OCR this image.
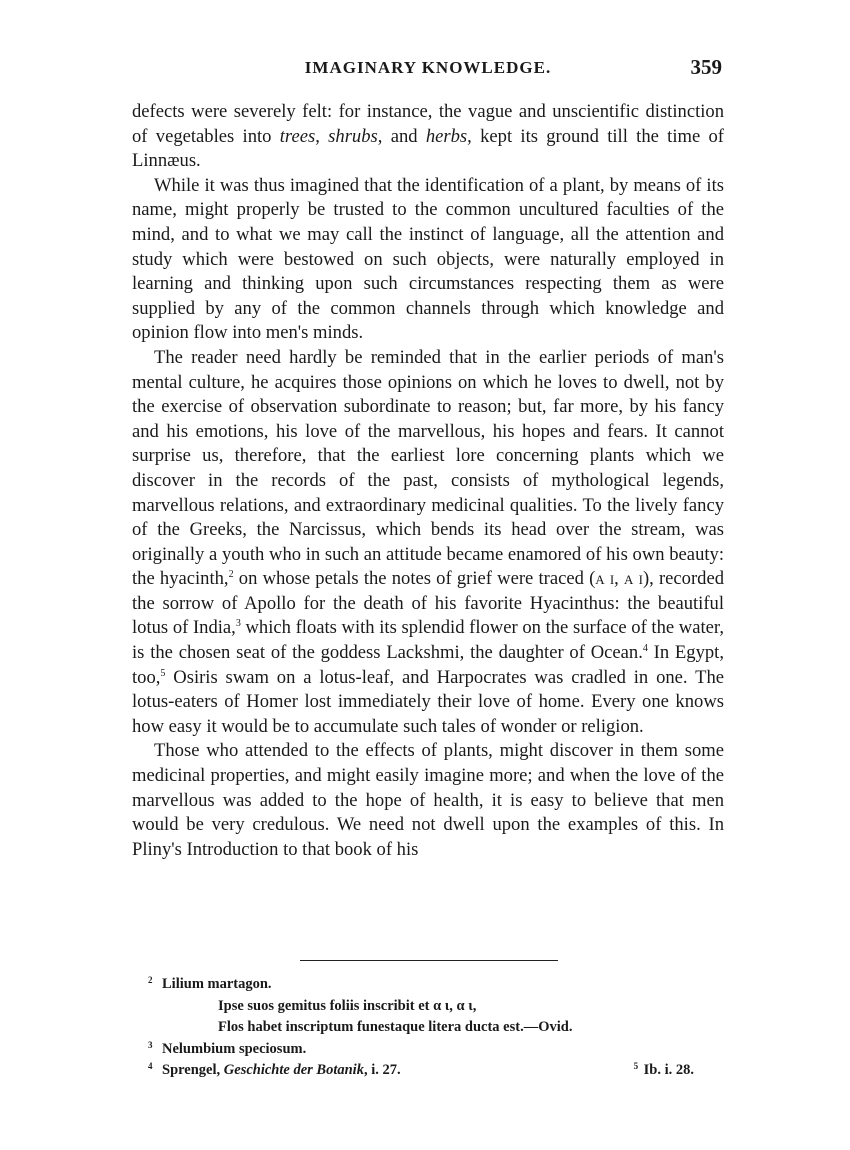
IMAGINARY KNOWLEDGE.	359

defects were severely felt: for instance, the vague and unscientific distinction of vegetables into trees, shrubs, and herbs, kept its ground till the time of Linnæus.

While it was thus imagined that the identification of a plant, by means of its name, might properly be trusted to the common uncultured faculties of the mind, and to what we may call the instinct of language, all the attention and study which were bestowed on such objects, were naturally employed in learning and thinking upon such circumstances respecting them as were supplied by any of the common channels through which knowledge and opinion flow into men's minds.

The reader need hardly be reminded that in the earlier periods of man's mental culture, he acquires those opinions on which he loves to dwell, not by the exercise of observation subordinate to reason; but, far more, by his fancy and his emotions, his love of the marvellous, his hopes and fears. It cannot surprise us, therefore, that the earliest lore concerning plants which we discover in the records of the past, consists of mythological legends, marvellous relations, and extraordinary medicinal qualities. To the lively fancy of the Greeks, the Narcissus, which bends its head over the stream, was originally a youth who in such an attitude became enamored of his own beauty: the hyacinth,$^2$ on whose petals the notes of grief were traced (α ι, α ι), recorded the sorrow of Apollo for the death of his favorite Hyacinthus: the beautiful lotus of India,$^3$ which floats with its splendid flower on the surface of the water, is the chosen seat of the goddess Lackshmi, the daughter of Ocean.$^4$ In Egypt, too,$^5$ Osiris swam on a lotus-leaf, and Harpocrates was cradled in one. The lotus-eaters of Homer lost immediately their love of home. Every one knows how easy it would be to accumulate such tales of wonder or religion.

Those who attended to the effects of plants, might discover in them some medicinal properties, and might easily imagine more; and when the love of the marvellous was added to the hope of health, it is easy to believe that men would be very credulous. We need not dwell upon the examples of this. In Pliny's Introduction to that book of his

2 Lilium martagon.
Ipse suos gemitus foliis inscribit et α ι, α ι,
Flos habet inscriptum funestaque litera ducta est.—Ovid.
3 Nelumbium speciosum.
4 Sprengel, Geschichte der Botanik, i. 27.	5 Ib. i. 28.
